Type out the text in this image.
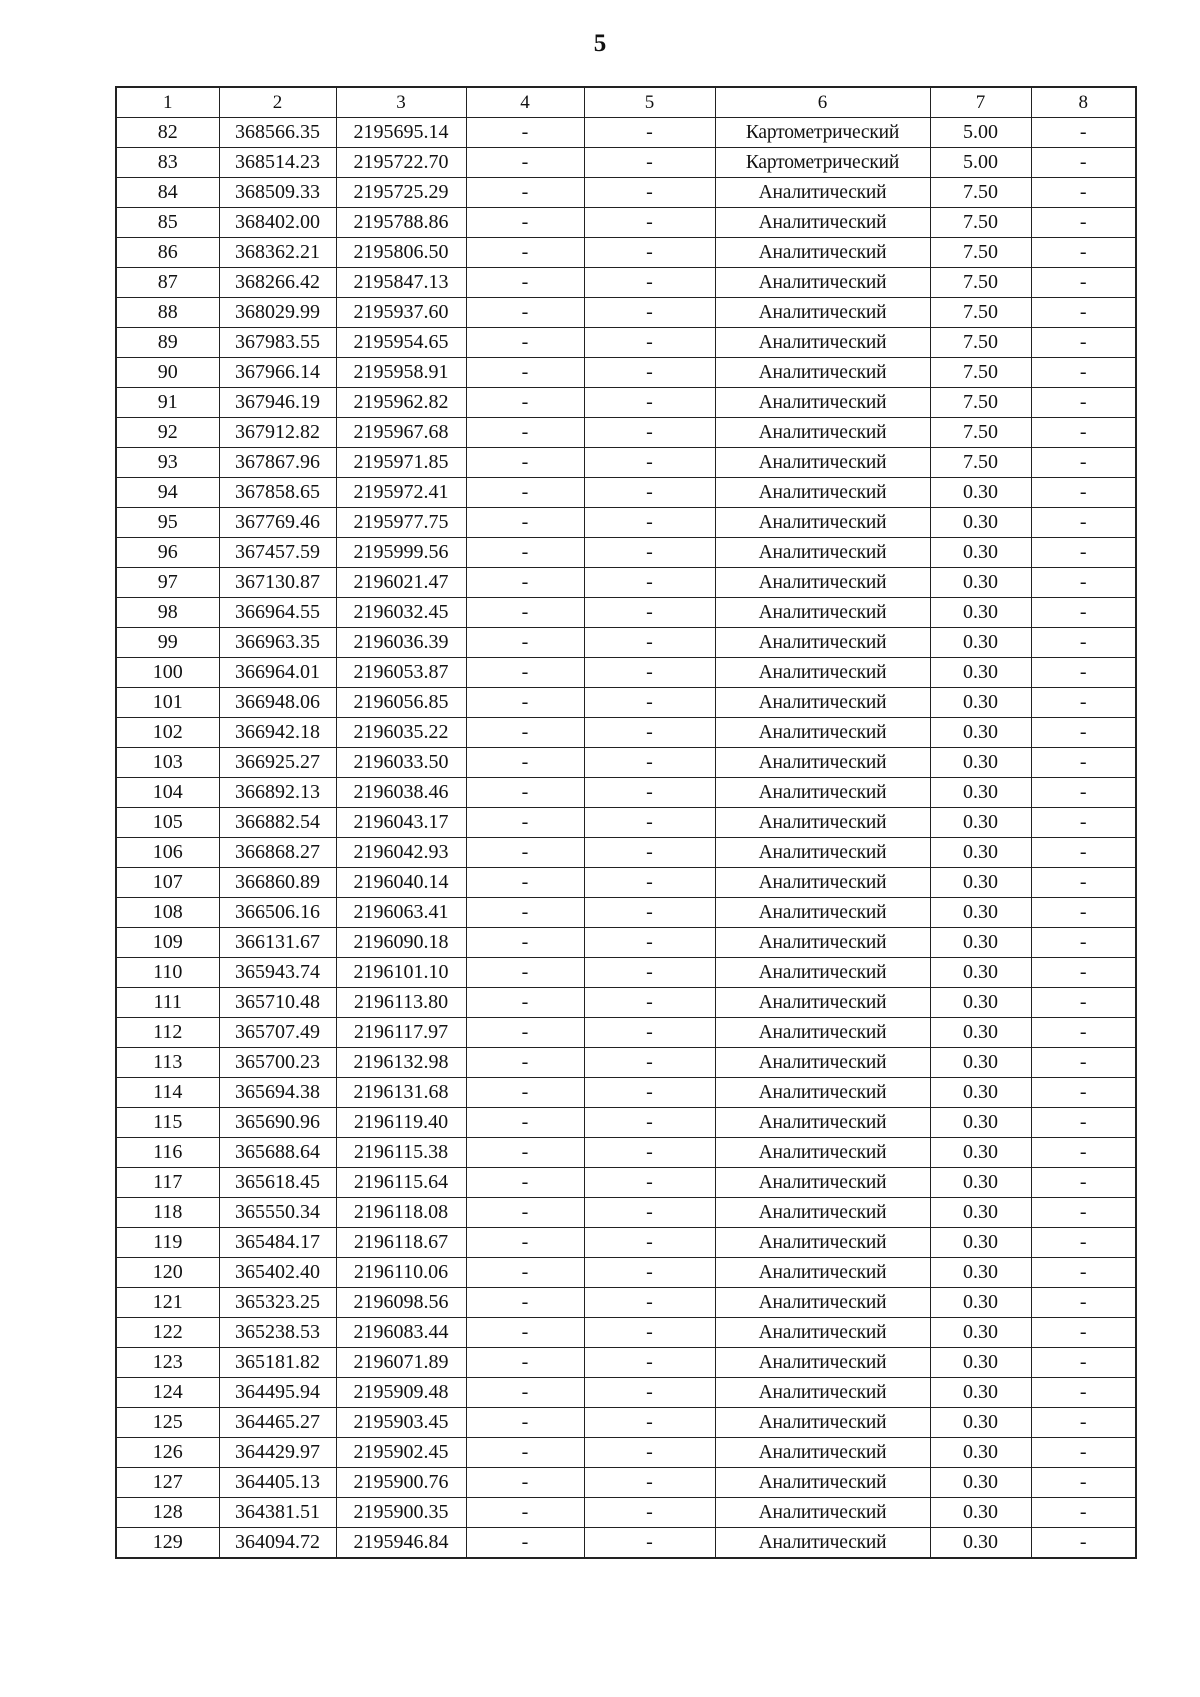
5
1	2	3	4	5	6	7	8
82	368566.35	2195695.14	-	-	Картометрический	5.00	-
83	368514.23	2195722.70	-	-	Картометрический	5.00	-
84	368509.33	2195725.29	-	-	Аналитический	7.50	-
85	368402.00	2195788.86	-	-	Аналитический	7.50	-
86	368362.21	2195806.50	-	-	Аналитический	7.50	-
87	368266.42	2195847.13	-	-	Аналитический	7.50	-
88	368029.99	2195937.60	-	-	Аналитический	7.50	-
89	367983.55	2195954.65	-	-	Аналитический	7.50	-
90	367966.14	2195958.91	-	-	Аналитический	7.50	-
91	367946.19	2195962.82	-	-	Аналитический	7.50	-
92	367912.82	2195967.68	-	-	Аналитический	7.50	-
93	367867.96	2195971.85	-	-	Аналитический	7.50	-
94	367858.65	2195972.41	-	-	Аналитический	0.30	-
95	367769.46	2195977.75	-	-	Аналитический	0.30	-
96	367457.59	2195999.56	-	-	Аналитический	0.30	-
97	367130.87	2196021.47	-	-	Аналитический	0.30	-
98	366964.55	2196032.45	-	-	Аналитический	0.30	-
99	366963.35	2196036.39	-	-	Аналитический	0.30	-
100	366964.01	2196053.87	-	-	Аналитический	0.30	-
101	366948.06	2196056.85	-	-	Аналитический	0.30	-
102	366942.18	2196035.22	-	-	Аналитический	0.30	-
103	366925.27	2196033.50	-	-	Аналитический	0.30	-
104	366892.13	2196038.46	-	-	Аналитический	0.30	-
105	366882.54	2196043.17	-	-	Аналитический	0.30	-
106	366868.27	2196042.93	-	-	Аналитический	0.30	-
107	366860.89	2196040.14	-	-	Аналитический	0.30	-
108	366506.16	2196063.41	-	-	Аналитический	0.30	-
109	366131.67	2196090.18	-	-	Аналитический	0.30	-
110	365943.74	2196101.10	-	-	Аналитический	0.30	-
111	365710.48	2196113.80	-	-	Аналитический	0.30	-
112	365707.49	2196117.97	-	-	Аналитический	0.30	-
113	365700.23	2196132.98	-	-	Аналитический	0.30	-
114	365694.38	2196131.68	-	-	Аналитический	0.30	-
115	365690.96	2196119.40	-	-	Аналитический	0.30	-
116	365688.64	2196115.38	-	-	Аналитический	0.30	-
117	365618.45	2196115.64	-	-	Аналитический	0.30	-
118	365550.34	2196118.08	-	-	Аналитический	0.30	-
119	365484.17	2196118.67	-	-	Аналитический	0.30	-
120	365402.40	2196110.06	-	-	Аналитический	0.30	-
121	365323.25	2196098.56	-	-	Аналитический	0.30	-
122	365238.53	2196083.44	-	-	Аналитический	0.30	-
123	365181.82	2196071.89	-	-	Аналитический	0.30	-
124	364495.94	2195909.48	-	-	Аналитический	0.30	-
125	364465.27	2195903.45	-	-	Аналитический	0.30	-
126	364429.97	2195902.45	-	-	Аналитический	0.30	-
127	364405.13	2195900.76	-	-	Аналитический	0.30	-
128	364381.51	2195900.35	-	-	Аналитический	0.30	-
129	364094.72	2195946.84	-	-	Аналитический	0.30	-
